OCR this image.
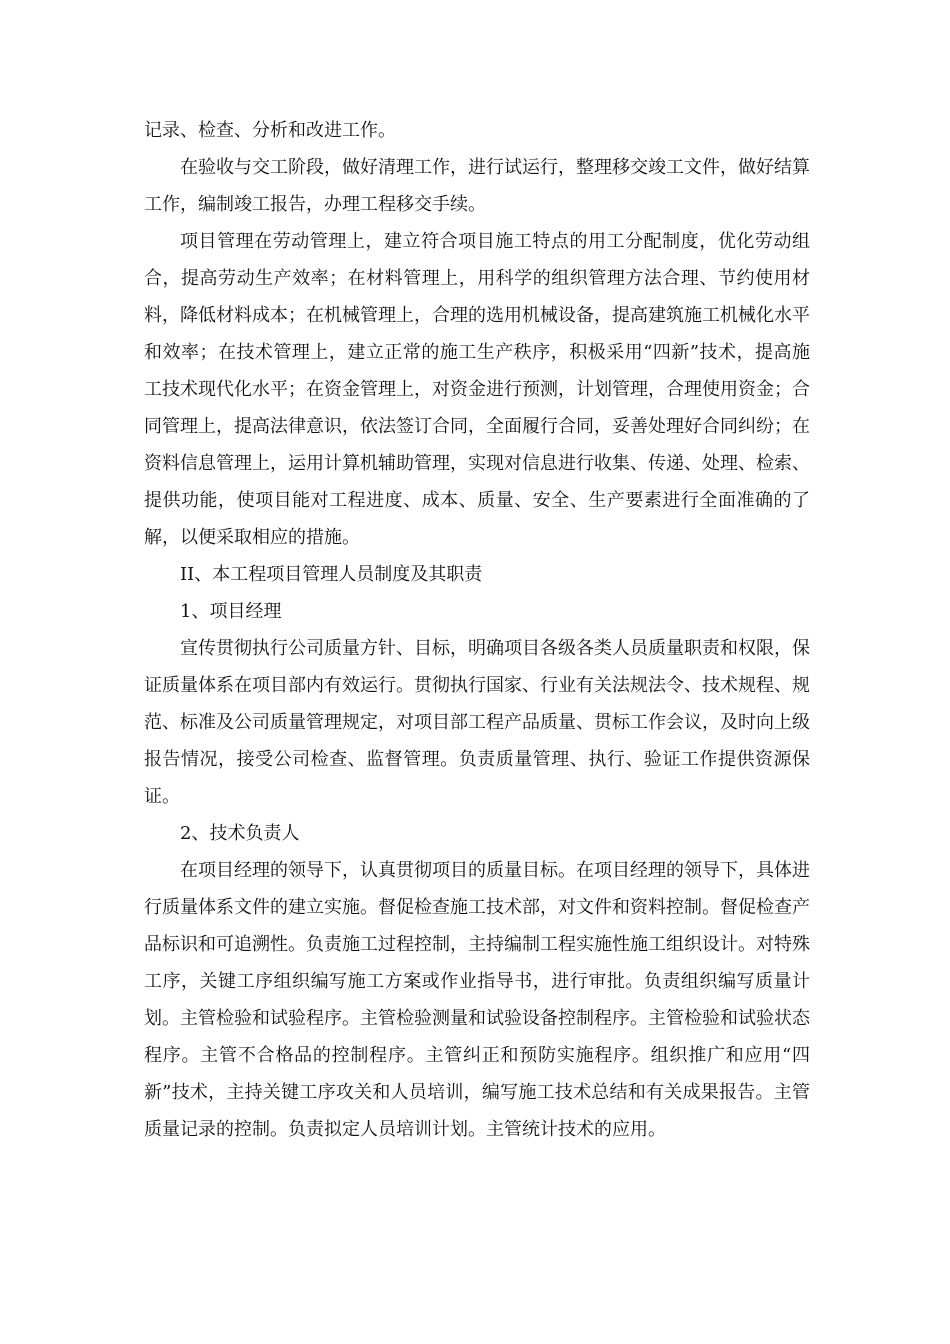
记录、检查、分析和改进工作。

在验收与交工阶段，做好清理工作，进行试运行，整理移交竣工文件，做好结算工作，编制竣工报告，办理工程移交手续。

项目管理在劳动管理上，建立符合项目施工特点的用工分配制度，优化劳动组合，提高劳动生产效率；在材料管理上，用科学的组织管理方法合理、节约使用材料，降低材料成本；在机械管理上，合理的选用机械设备，提高建筑施工机械化水平和效率；在技术管理上，建立正常的施工生产秩序，积极采用“四新”技术，提高施工技术现代化水平；在资金管理上，对资金进行预测，计划管理，合理使用资金；合同管理上，提高法律意识，依法签订合同，全面履行合同，妥善处理好合同纠纷；在资料信息管理上，运用计算机辅助管理，实现对信息进行收集、传递、处理、检索、提供功能，使项目能对工程进度、成本、质量、安全、生产要素进行全面准确的了解，以便采取相应的措施。

II、本工程项目管理人员制度及其职责

1、项目经理

宣传贯彻执行公司质量方针、目标，明确项目各级各类人员质量职责和权限，保证质量体系在项目部内有效运行。贯彻执行国家、行业有关法规法令、技术规程、规范、标准及公司质量管理规定，对项目部工程产品质量、贯标工作会议，及时向上级报告情况，接受公司检查、监督管理。负责质量管理、执行、验证工作提供资源保证。

2、技术负责人

在项目经理的领导下，认真贯彻项目的质量目标。在项目经理的领导下，具体进行质量体系文件的建立实施。督促检查施工技术部，对文件和资料控制。督促检查产品标识和可追溯性。负责施工过程控制，主持编制工程实施性施工组织设计。对特殊工序，关键工序组织编写施工方案或作业指导书，进行审批。负责组织编写质量计划。主管检验和试验程序。主管检验测量和试验设备控制程序。主管检验和试验状态程序。主管不合格品的控制程序。主管纠正和预防实施程序。组织推广和应用“四新”技术，主持关键工序攻关和人员培训，编写施工技术总结和有关成果报告。主管质量记录的控制。负责拟定人员培训计划。主管统计技术的应用。
